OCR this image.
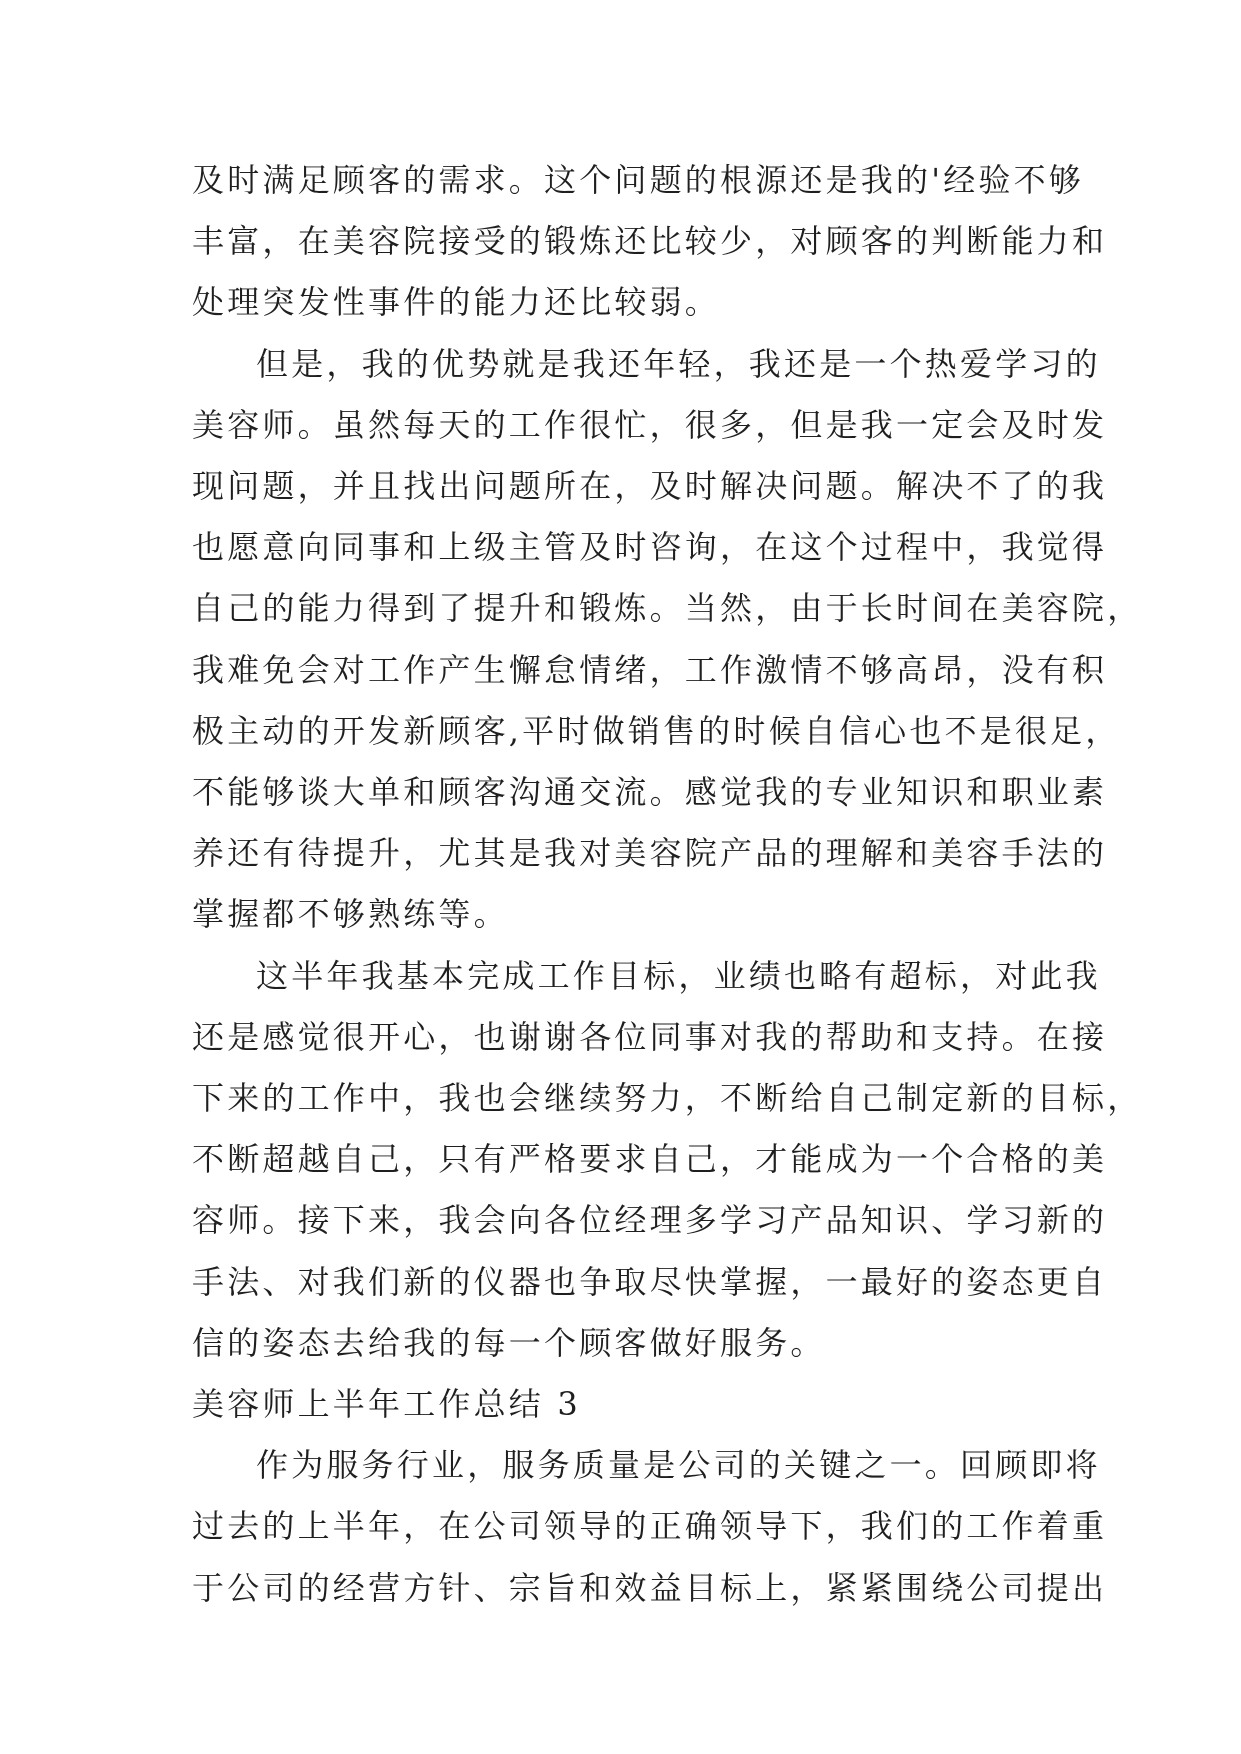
及时满足顾客的需求。这个问题的根源还是我的'经验不够
丰富，在美容院接受的锻炼还比较少，对顾客的判断能力和
处理突发性事件的能力还比较弱。
但是，我的优势就是我还年轻，我还是一个热爱学习的
美容师。虽然每天的工作很忙，很多，但是我一定会及时发
现问题，并且找出问题所在，及时解决问题。解决不了的我
也愿意向同事和上级主管及时咨询，在这个过程中，我觉得
自己的能力得到了提升和锻炼。当然，由于长时间在美容院，
我难免会对工作产生懈怠情绪，工作激情不够高昂，没有积
极主动的开发新顾客,平时做销售的时候自信心也不是很足，
不能够谈大单和顾客沟通交流。感觉我的专业知识和职业素
养还有待提升，尤其是我对美容院产品的理解和美容手法的
掌握都不够熟练等。
这半年我基本完成工作目标，业绩也略有超标，对此我
还是感觉很开心，也谢谢各位同事对我的帮助和支持。在接
下来的工作中，我也会继续努力，不断给自己制定新的目标，
不断超越自己，只有严格要求自己，才能成为一个合格的美
容师。接下来，我会向各位经理多学习产品知识、学习新的
手法、对我们新的仪器也争取尽快掌握，一最好的姿态更自
信的姿态去给我的每一个顾客做好服务。
美容师上半年工作总结 3
作为服务行业，服务质量是公司的关键之一。回顾即将
过去的上半年，在公司领导的正确领导下，我们的工作着重
于公司的经营方针、宗旨和效益目标上，紧紧围绕公司提出
